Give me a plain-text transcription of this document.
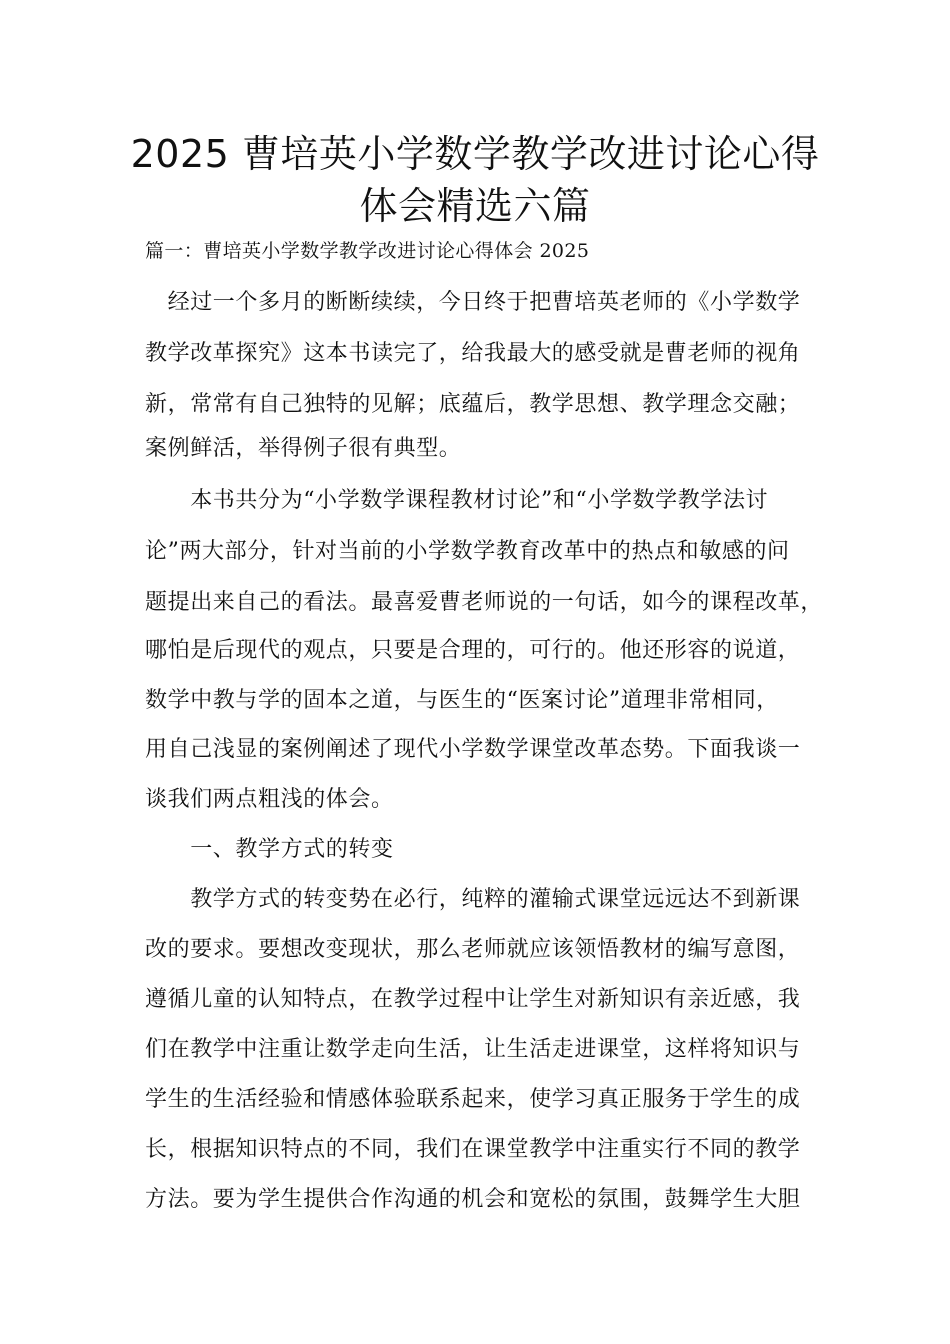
2025 曹培英小学数学教学改进讨论心得
体会精选六篇
篇一：曹培英小学数学教学改进讨论心得体会 2025
　经过一个多月的断断续续，今日终于把曹培英老师的《小学数学
教学改革探究》这本书读完了，给我最大的感受就是曹老师的视角
新，常常有自己独特的见解；底蕴后，教学思想、教学理念交融；
案例鲜活，举得例子很有典型。
　　本书共分为“小学数学课程教材讨论”和“小学数学教学法讨
论”两大部分，针对当前的小学数学教育改革中的热点和敏感的问
题提出来自己的看法。最喜爱曹老师说的一句话，如今的课程改革，
哪怕是后现代的观点，只要是合理的，可行的。他还形容的说道，
数学中教与学的固本之道，与医生的“医案讨论”道理非常相同，
用自己浅显的案例阐述了现代小学数学课堂改革态势。下面我谈一
谈我们两点粗浅的体会。
　　一、教学方式的转变
　　教学方式的转变势在必行，纯粹的灌输式课堂远远达不到新课
改的要求。要想改变现状，那么老师就应该领悟教材的编写意图，
遵循儿童的认知特点，在教学过程中让学生对新知识有亲近感，我
们在教学中注重让数学走向生活，让生活走进课堂，这样将知识与
学生的生活经验和情感体验联系起来，使学习真正服务于学生的成
长，根据知识特点的不同，我们在课堂教学中注重实行不同的教学
方法。要为学生提供合作沟通的机会和宽松的氛围，鼓舞学生大胆
